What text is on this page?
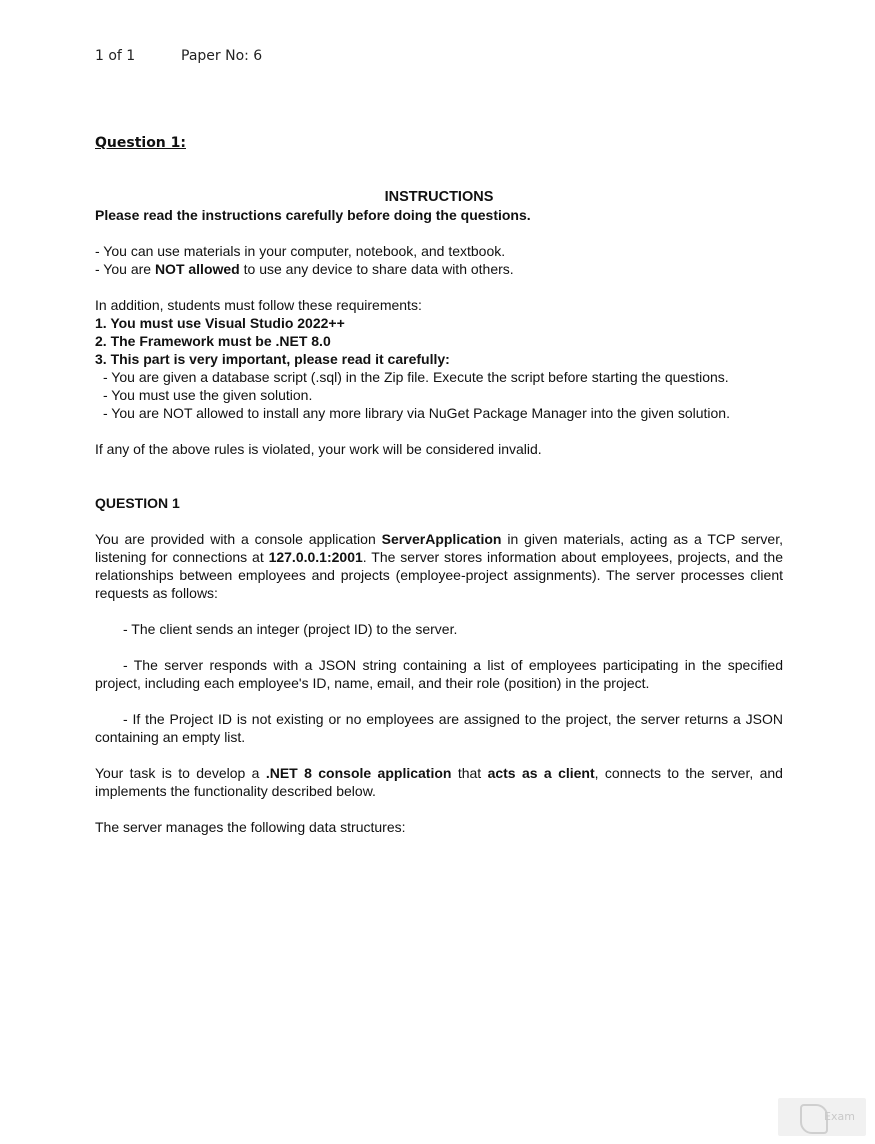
1 of 1	Paper No: 6
Question 1:

INSTRUCTIONS

Please read the instructions carefully before doing the questions.

- You can use materials in your computer, notebook, and textbook.

- You are NOT allowed to use any device to share data with others.

In addition, students must follow these requirements:

1. You must use Visual Studio 2022++

2. The Framework must be .NET 8.0

3. This part is very important, please read it carefully:

- You are given a database script (.sql) in the Zip file. Execute the script before starting the questions.

- You must use the given solution.

- You are NOT allowed to install any more library via NuGet Package Manager into the given solution.

If any of the above rules is violated, your work will be considered invalid.

QUESTION 1

You are provided with a console application ServerApplication in given materials, acting as a TCP server, listening for connections at 127.0.0.1:2001. The server stores information about employees, projects, and the relationships between employees and projects (employee-project assignments). The server processes client requests as follows:

- The client sends an integer (project ID) to the server.

- The server responds with a JSON string containing a list of employees participating in the specified project, including each employee's ID, name, email, and their role (position) in the project.

- If the Project ID is not existing or no employees are assigned to the project, the server returns a JSON containing an empty list.

Your task is to develop a .NET 8 console application that acts as a client, connects to the server, and implements the functionality described below.

The server manages the following data structures:

Exam
